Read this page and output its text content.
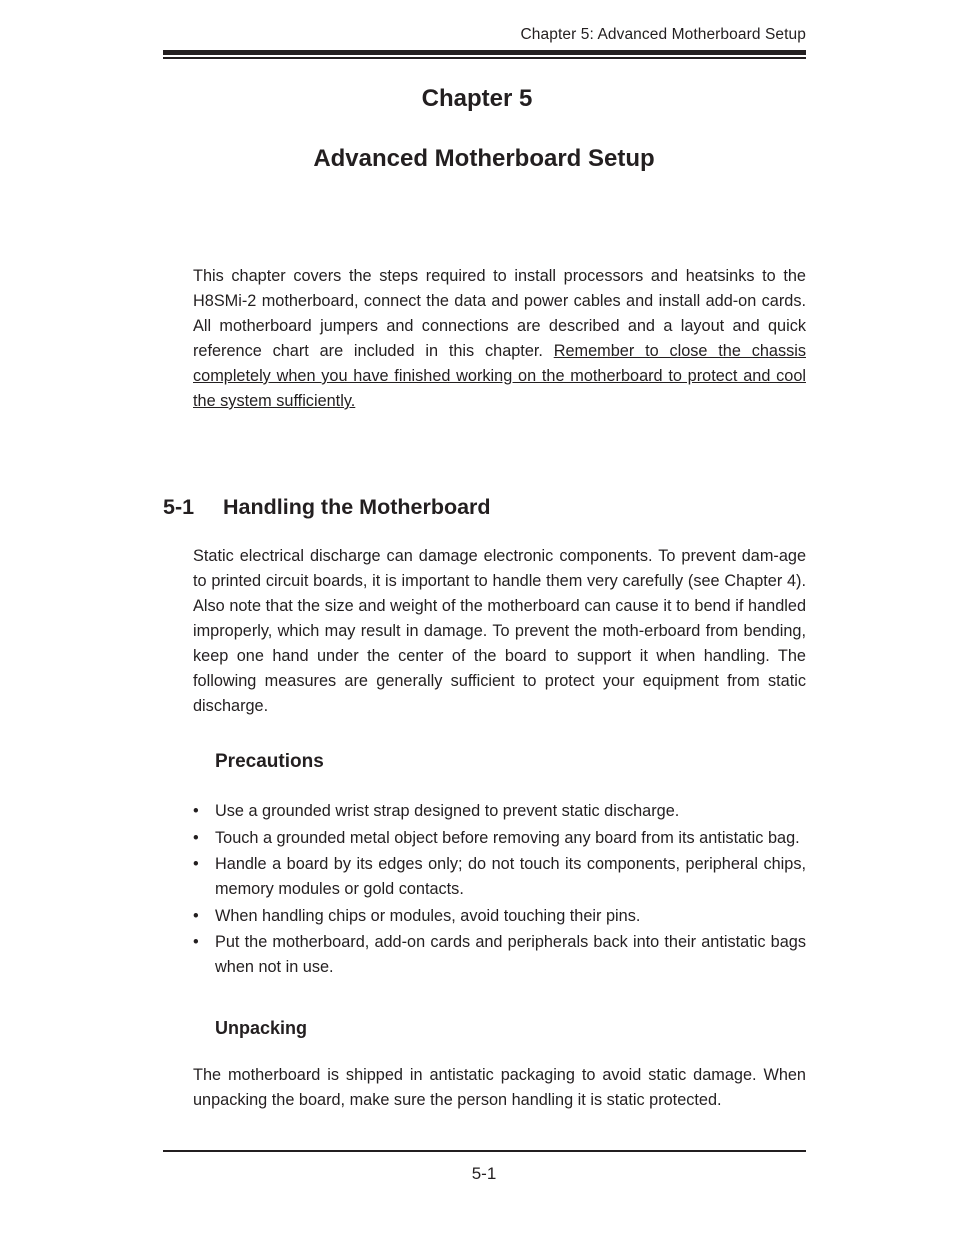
Chapter 5: Advanced Motherboard Setup
Chapter 5
Advanced Motherboard Setup

This chapter covers the steps required to install processors and heatsinks to the H8SMi-2 motherboard, connect the data and power cables and install add-on cards. All motherboard jumpers and connections are described and a layout and quick reference chart are included in this chapter. Remember to close the chassis completely when you have finished working on the motherboard to protect and cool the system sufficiently.

5-1 Handling the Motherboard

Static electrical discharge can damage electronic components. To prevent dam-age to printed circuit boards, it is important to handle them very carefully (see Chapter 4). Also note that the size and weight of the motherboard can cause it to bend if handled improperly, which may result in damage. To prevent the moth-erboard from bending, keep one hand under the center of the board to support it when handling. The following measures are generally sufficient to protect your equipment from static discharge.

Precautions
• Use a grounded wrist strap designed to prevent static discharge.
• Touch a grounded metal object before removing any board from its antistatic bag.
• Handle a board by its edges only; do not touch its components, peripheral chips, memory modules or gold contacts.
• When handling chips or modules, avoid touching their pins.
• Put the motherboard, add-on cards and peripherals back into their antistatic bags when not in use.
Unpacking

The motherboard is shipped in antistatic packaging to avoid static damage. When unpacking the board, make sure the person handling it is static protected.

5-1
